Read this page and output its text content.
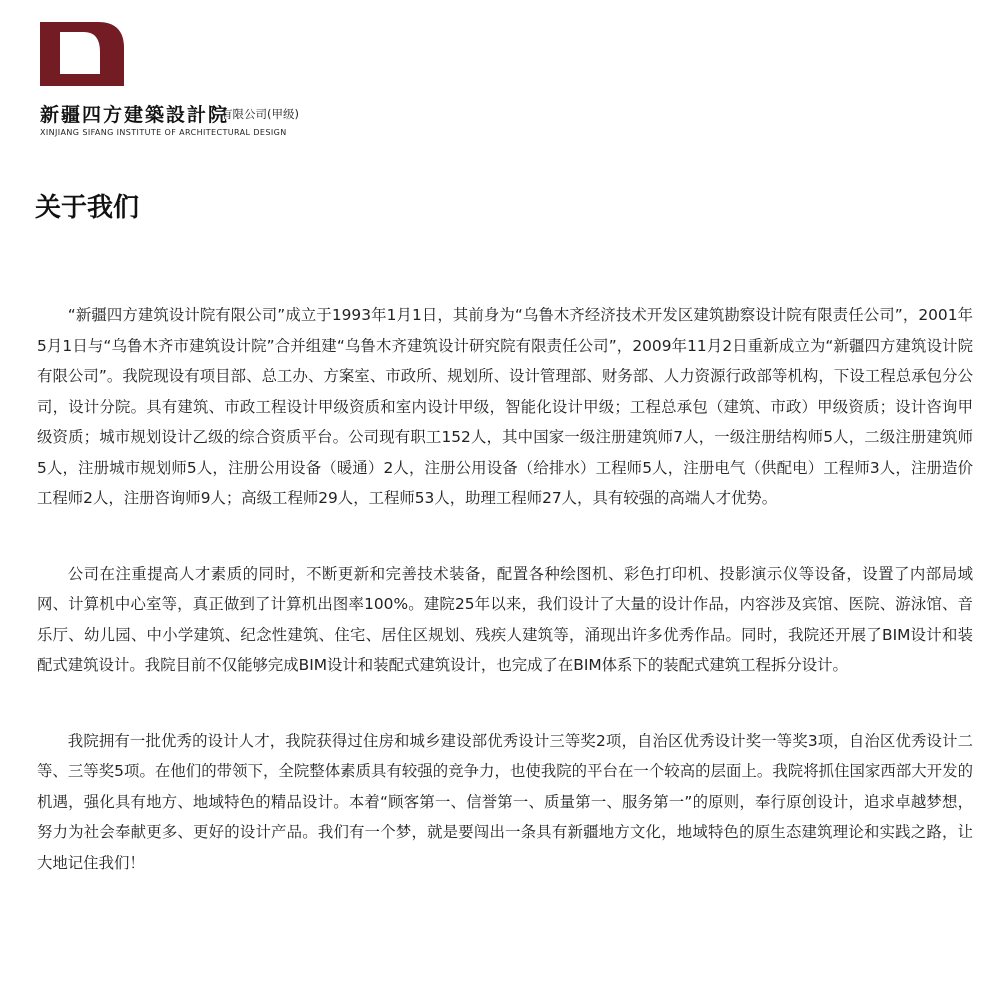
新疆四方建築設計院
有限公司(甲级)
XINJIANG SIFANG INSTITUTE OF ARCHITECTURAL DESIGN
关于我们

“新疆四方建筑设计院有限公司”成立于1993年1月1日，其前身为“乌鲁木齐经济技术开发区建筑勘察设计院有限责任公司”，2001年5月1日与“乌鲁木齐市建筑设计院”合并组建“乌鲁木齐建筑设计研究院有限责任公司”，2009年11月2日重新成立为“新疆四方建筑设计院有限公司”。我院现设有项目部、总工办、方案室、市政所、规划所、设计管理部、财务部、人力资源行政部等机构，下设工程总承包分公司，设计分院。具有建筑、市政工程设计甲级资质和室内设计甲级，智能化设计甲级；工程总承包（建筑、市政）甲级资质；设计咨询甲级资质；城市规划设计乙级的综合资质平台。公司现有职工152人，其中国家一级注册建筑师7人，一级注册结构师5人，二级注册建筑师5人，注册城市规划师5人，注册公用设备（暖通）2人，注册公用设备（给排水）工程师5人，注册电气（供配电）工程师3人，注册造价工程师2人，注册咨询师9人；高级工程师29人，工程师53人，助理工程师27人，具有较强的高端人才优势。

公司在注重提高人才素质的同时，不断更新和完善技术装备，配置各种绘图机、彩色打印机、投影演示仪等设备，设置了内部局域网、计算机中心室等，真正做到了计算机出图率100%。建院25年以来，我们设计了大量的设计作品，内容涉及宾馆、医院、游泳馆、音乐厅、幼儿园、中小学建筑、纪念性建筑、住宅、居住区规划、残疾人建筑等，涌现出许多优秀作品。同时，我院还开展了BIM设计和装配式建筑设计。我院目前不仅能够完成BIM设计和装配式建筑设计，也完成了在BIM体系下的装配式建筑工程拆分设计。

我院拥有一批优秀的设计人才，我院获得过住房和城乡建设部优秀设计三等奖2项，自治区优秀设计奖一等奖3项，自治区优秀设计二等、三等奖5项。在他们的带领下，全院整体素质具有较强的竞争力，也使我院的平台在一个较高的层面上。我院将抓住国家西部大开发的机遇，强化具有地方、地域特色的精品设计。本着“顾客第一、信誉第一、质量第一、服务第一”的原则，奉行原创设计，追求卓越梦想，努力为社会奉献更多、更好的设计产品。我们有一个梦，就是要闯出一条具有新疆地方文化，地域特色的原生态建筑理论和实践之路，让大地记住我们！
